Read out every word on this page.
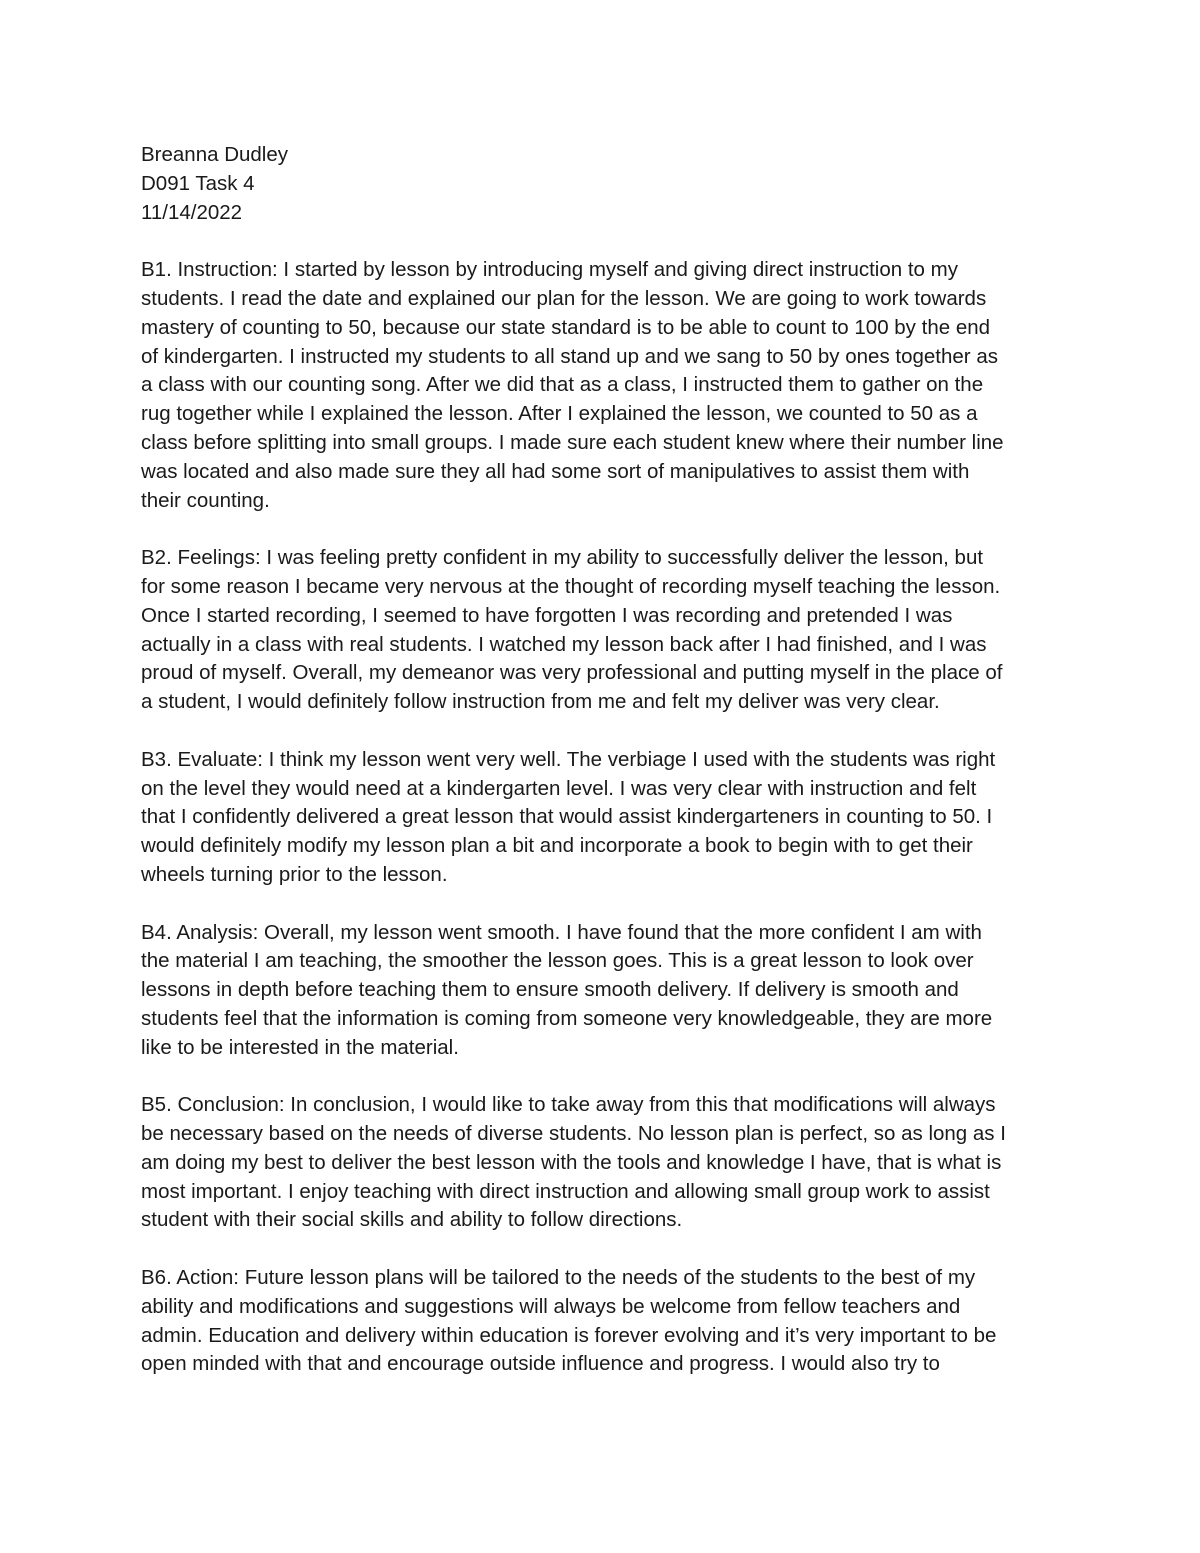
Breanna Dudley
D091 Task 4
11/14/2022
B1. Instruction: I started by lesson by introducing myself and giving direct instruction to my
students. I read the date and explained our plan for the lesson. We are going to work towards
mastery of counting to 50, because our state standard is to be able to count to 100 by the end
of kindergarten. I instructed my students to all stand up and we sang to 50 by ones together as
a class with our counting song. After we did that as a class, I instructed them to gather on the
rug together while I explained the lesson. After I explained the lesson, we counted to 50 as a
class before splitting into small groups. I made sure each student knew where their number line
was located and also made sure they all had some sort of manipulatives to assist them with
their counting.
B2. Feelings: I was feeling pretty confident in my ability to successfully deliver the lesson, but
for some reason I became very nervous at the thought of recording myself teaching the lesson.
Once I started recording, I seemed to have forgotten I was recording and pretended I was
actually in a class with real students. I watched my lesson back after I had finished, and I was
proud of myself. Overall, my demeanor was very professional and putting myself in the place of
a student, I would definitely follow instruction from me and felt my deliver was very clear.
B3. Evaluate: I think my lesson went very well. The verbiage I used with the students was right
on the level they would need at a kindergarten level. I was very clear with instruction and felt
that I confidently delivered a great lesson that would assist kindergarteners in counting to 50. I
would definitely modify my lesson plan a bit and incorporate a book to begin with to get their
wheels turning prior to the lesson.
B4. Analysis: Overall, my lesson went smooth. I have found that the more confident I am with
the material I am teaching, the smoother the lesson goes. This is a great lesson to look over
lessons in depth before teaching them to ensure smooth delivery. If delivery is smooth and
students feel that the information is coming from someone very knowledgeable, they are more
like to be interested in the material.
B5. Conclusion: In conclusion, I would like to take away from this that modifications will always
be necessary based on the needs of diverse students. No lesson plan is perfect, so as long as I
am doing my best to deliver the best lesson with the tools and knowledge I have, that is what is
most important. I enjoy teaching with direct instruction and allowing small group work to assist
student with their social skills and ability to follow directions.
B6. Action: Future lesson plans will be tailored to the needs of the students to the best of my
ability and modifications and suggestions will always be welcome from fellow teachers and
admin. Education and delivery within education is forever evolving and it’s very important to be
open minded with that and encourage outside influence and progress. I would also try to
